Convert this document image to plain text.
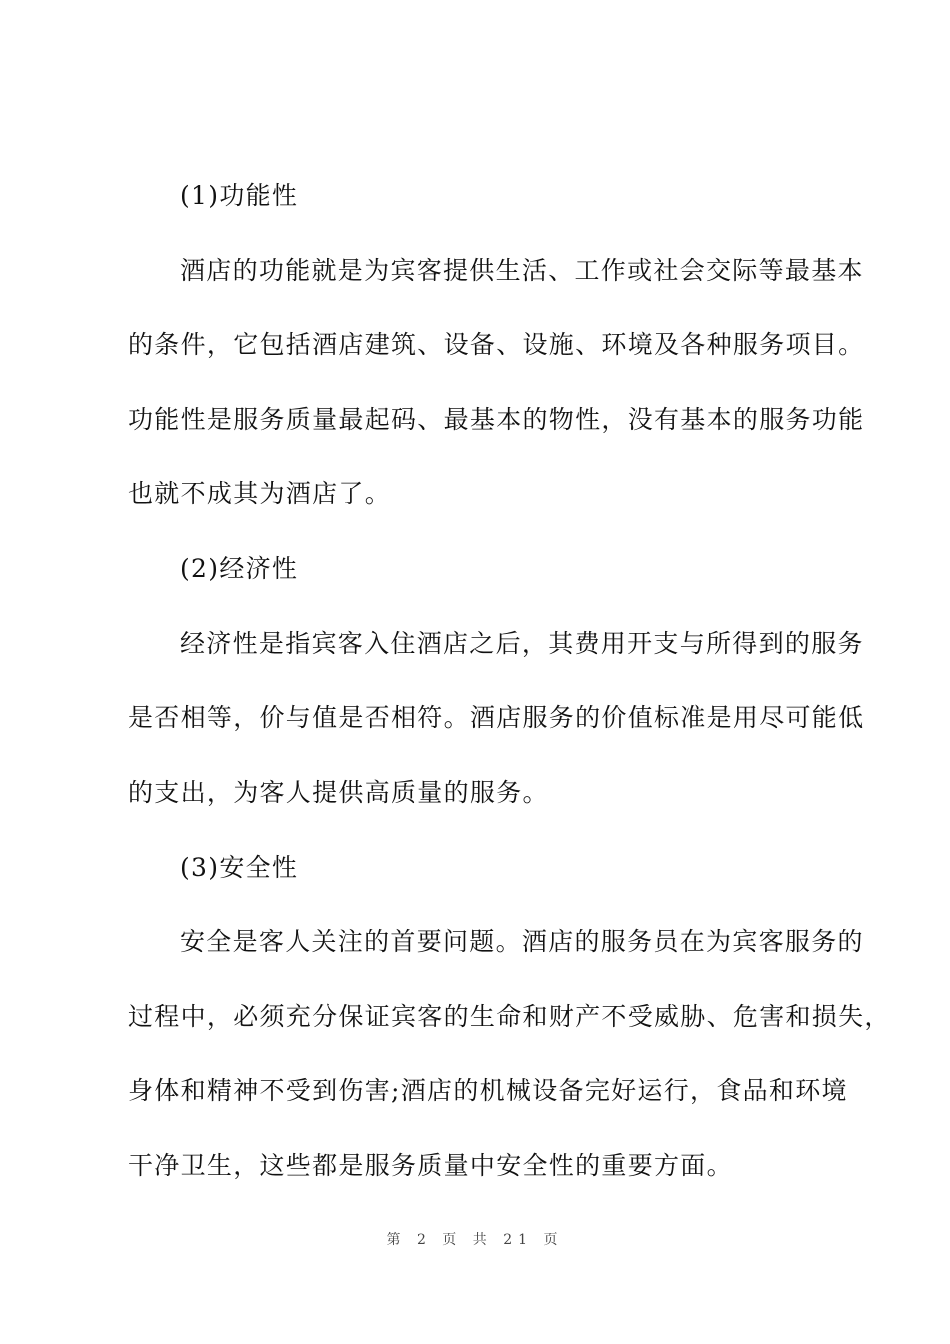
(1)功能性
酒店的功能就是为宾客提供生活、工作或社会交际等最基本
的条件，它包括酒店建筑、设备、设施、环境及各种服务项目。
功能性是服务质量最起码、最基本的物性，没有基本的服务功能
也就不成其为酒店了。
(2)经济性
经济性是指宾客入住酒店之后，其费用开支与所得到的服务
是否相等，价与值是否相符。酒店服务的价值标准是用尽可能低
的支出，为客人提供高质量的服务。
(3)安全性
安全是客人关注的首要问题。酒店的服务员在为宾客服务的
过程中，必须充分保证宾客的生命和财产不受威胁、危害和损失，
身体和精神不受到伤害;酒店的机械设备完好运行，食品和环境
干净卫生，这些都是服务质量中安全性的重要方面。
第 2 页 共 21 页
